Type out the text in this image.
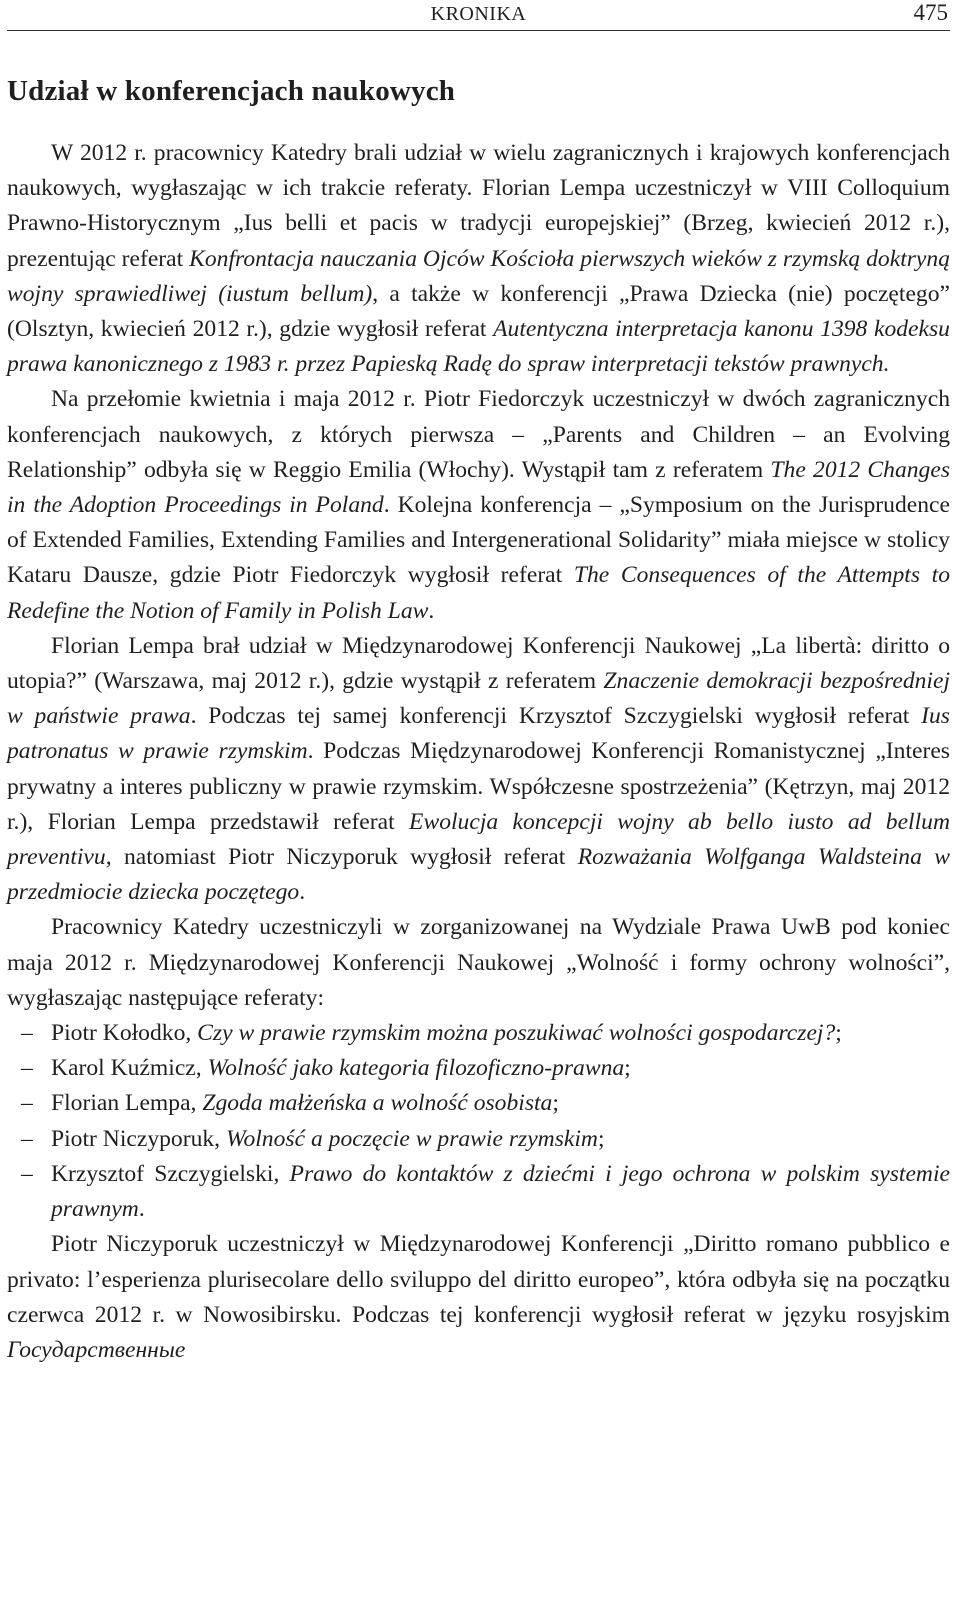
KRONIKA	475
Udział w konferencjach naukowych

W 2012 r. pracownicy Katedry brali udział w wielu zagranicznych i krajowych konferencjach naukowych, wygłaszając w ich trakcie referaty. Florian Lempa uczestniczył w VIII Colloquium Prawno-Historycznym „Ius belli et pacis w tradycji europejskiej” (Brzeg, kwiecień 2012 r.), prezentując referat Konfrontacja nauczania Ojców Kościoła pierwszych wieków z rzymską doktryną wojny sprawiedliwej (iustum bellum), a także w konferencji „Prawa Dziecka (nie) poczętego” (Olsztyn, kwiecień 2012 r.), gdzie wygłosił referat Autentyczna interpretacja kanonu 1398 kodeksu prawa kanonicznego z 1983 r. przez Papieską Radę do spraw interpretacji tekstów prawnych.

Na przełomie kwietnia i maja 2012 r. Piotr Fiedorczyk uczestniczył w dwóch zagranicznych konferencjach naukowych, z których pierwsza – „Parents and Children – an Evolving Relationship” odbyła się w Reggio Emilia (Włochy). Wystąpił tam z referatem The 2012 Changes in the Adoption Proceedings in Poland. Kolejna konferencja – „Symposium on the Jurisprudence of Extended Families, Extending Families and Intergenerational Solidarity” miała miejsce w stolicy Kataru Dausze, gdzie Piotr Fiedorczyk wygłosił referat The Consequences of the Attempts to Redefine the Notion of Family in Polish Law.

Florian Lempa brał udział w Międzynarodowej Konferencji Naukowej „La libertà: diritto o utopia?” (Warszawa, maj 2012 r.), gdzie wystąpił z referatem Znaczenie demokracji bezpośredniej w państwie prawa. Podczas tej samej konferencji Krzysztof Szczygielski wygłosił referat Ius patronatus w prawie rzymskim. Podczas Międzynarodowej Konferencji Romanistycznej „Interes prywatny a interes publiczny w prawie rzymskim. Współczesne spostrzeżenia” (Kętrzyn, maj 2012 r.), Florian Lempa przedstawił referat Ewolucja koncepcji wojny ab bello iusto ad bellum preventivu, natomiast Piotr Niczyporuk wygłosił referat Rozważania Wolfganga Waldsteina w przedmiocie dziecka poczętego.

Pracownicy Katedry uczestniczyli w zorganizowanej na Wydziale Prawa UwB pod koniec maja 2012 r. Międzynarodowej Konferencji Naukowej „Wolność i formy ochrony wolności”, wygłaszając następujące referaty:

– Piotr Kołodko, Czy w prawie rzymskim można poszukiwać wolności gospodarczej?;
– Karol Kuźmicz, Wolność jako kategoria filozoficzno-prawna;
– Florian Lempa, Zgoda małżeńska a wolność osobista;
– Piotr Niczyporuk, Wolność a poczęcie w prawie rzymskim;
– Krzysztof Szczygielski, Prawo do kontaktów z dziećmi i jego ochrona w polskim systemie prawnym.

Piotr Niczyporuk uczestniczył w Międzynarodowej Konferencji „Diritto romano pubblico e privato: l’esperienza plurisecolare dello sviluppo del diritto europeo”, która odbyła się na początku czerwca 2012 r. w Nowosibirsku. Podczas tej konferencji wygłosił referat w języku rosyjskim Государственные
